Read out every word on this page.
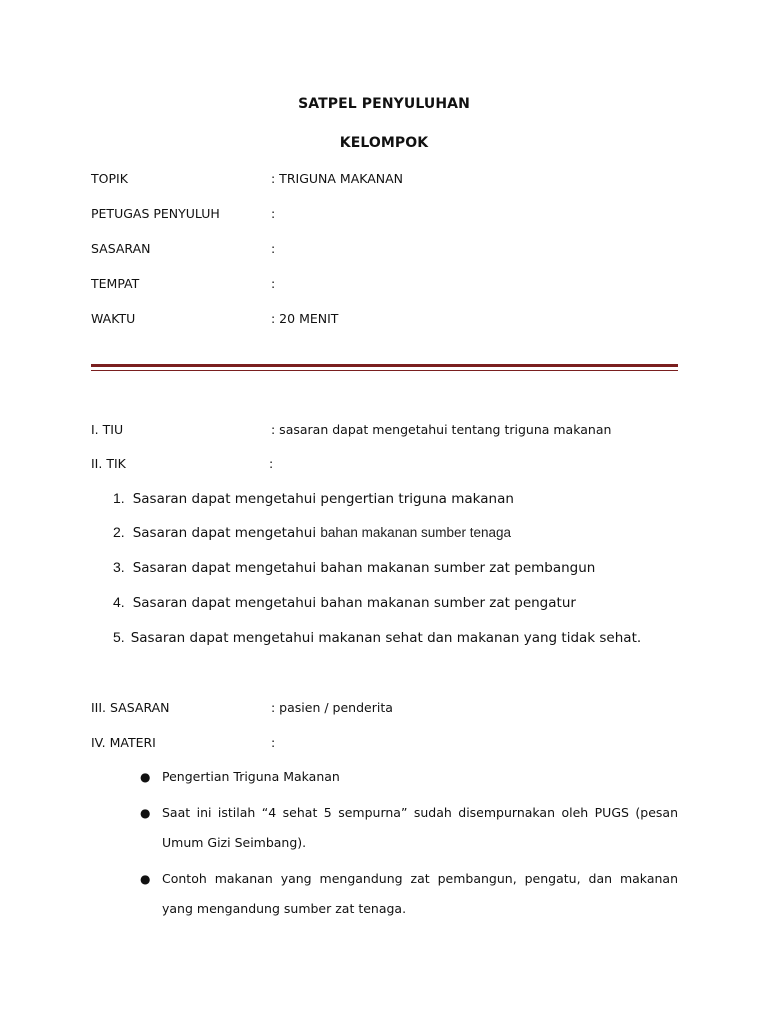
SATPEL PENYULUHAN
KELOMPOK
TOPIK	: TRIGUNA MAKANAN
PETUGAS PENYULUH	:
SASARAN	:
TEMPAT	:
WAKTU	: 20 MENIT
I. TIU	: sasaran dapat mengetahui tentang triguna makanan
II. TIK	:
1. Sasaran dapat mengetahui pengertian triguna makanan
2. Sasaran dapat mengetahui bahan makanan sumber tenaga
3. Sasaran dapat mengetahui bahan makanan sumber zat pembangun
4. Sasaran dapat mengetahui bahan makanan sumber zat pengatur
5. Sasaran dapat mengetahui makanan sehat dan makanan yang tidak sehat.
III. SASARAN	: pasien / penderita
IV. MATERI	:
● Pengertian Triguna Makanan
● Saat ini istilah “4 sehat 5 sempurna” sudah disempurnakan oleh PUGS (pesan Umum Gizi Seimbang).
● Contoh makanan yang mengandung zat pembangun, pengatu, dan makanan yang mengandung sumber zat tenaga.
